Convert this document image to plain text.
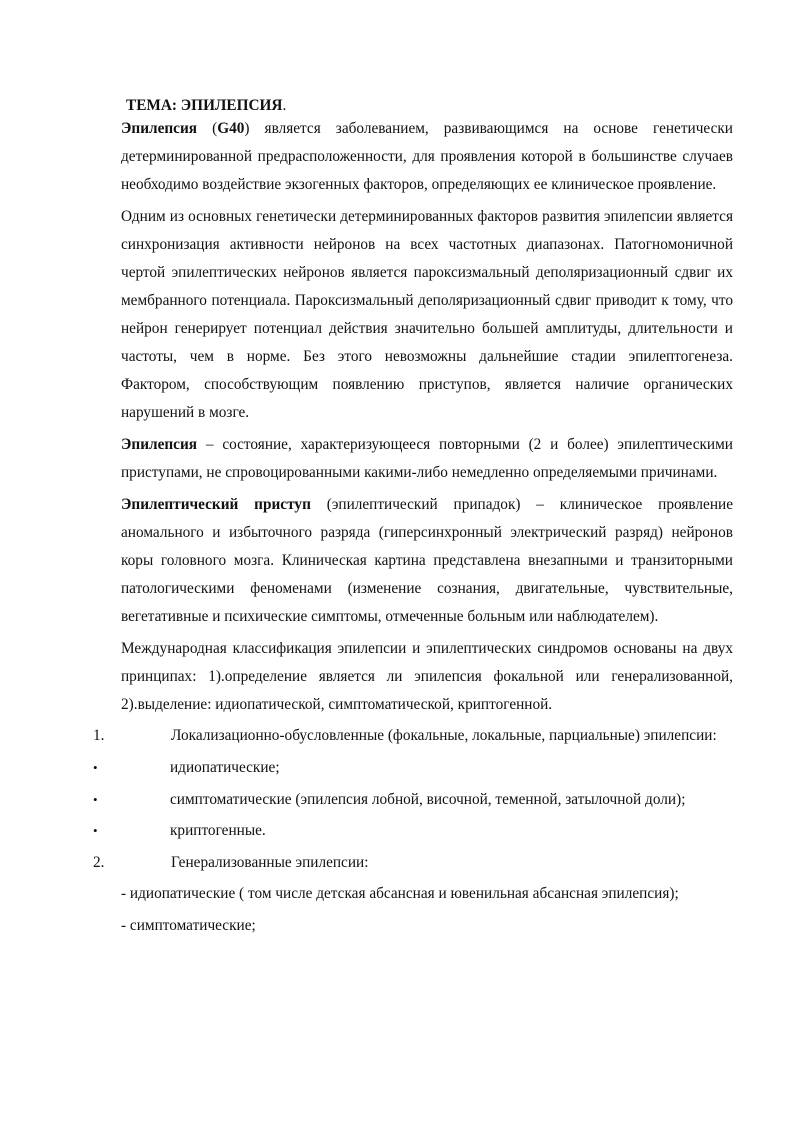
ТЕМА: ЭПИЛЕПСИЯ.

Эпилепсия (G40) является заболеванием, развивающимся на основе генетически детерминированной предрасположенности, для проявления которой в большинстве случаев необходимо воздействие экзогенных факторов, определяющих ее клиническое проявление.

Одним из основных генетически детерминированных факторов развития эпилепсии является синхронизация активности нейронов на всех частотных диапазонах. Патогномоничной чертой эпилептических нейронов является пароксизмальный деполяризационный сдвиг их мембранного потенциала. Пароксизмальный деполяризационный сдвиг приводит к тому, что нейрон генерирует потенциал действия значительно большей амплитуды, длительности и частоты, чем в норме. Без этого невозможны дальнейшие стадии эпилептогенеза.
Фактором, способствующим появлению приступов, является наличие органических нарушений в мозге.

Эпилепсия – состояние, характеризующееся повторными (2 и более) эпилептическими приступами, не спровоцированными какими-либо немедленно определяемыми причинами.

Эпилептический приступ (эпилептический припадок) – клиническое проявление аномального и избыточного разряда (гиперсинхронный электрический разряд) нейронов коры головного мозга. Клиническая картина представлена внезапными и транзиторными патологическими феноменами (изменение сознания, двигательные, чувствительные, вегетативные и психические симптомы, отмеченные больным или наблюдателем).

Международная классификация эпилепсии и эпилептических синдромов основаны на двух принципах: 1).определение является ли эпилепсия фокальной или генерализованной, 2).выделение: идиопатической, симптоматической, криптогенной.

1.	Локализационно-обусловленные (фокальные, локальные, парциальные) эпилепсии:
•	идиопатические;
•	симптоматические (эпилепсия лобной, височной, теменной, затылочной доли);
•	криптогенные.
2.	Генерализованные эпилепсии:
- идиопатические ( том числе детская абсансная и ювенильная абсансная эпилепсия);
- симптоматические;
